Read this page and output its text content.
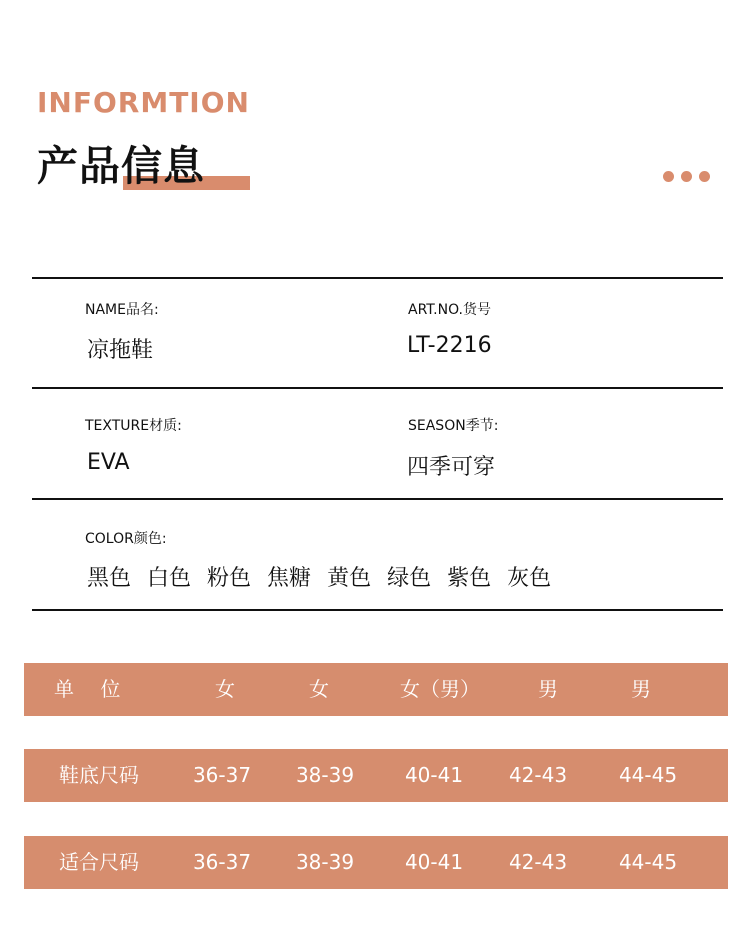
INFORMTION
产品信息
NAME品名:
凉拖鞋
ART.NO.货号
LT-2216
TEXTURE材质:
EVA
SEASON季节:
四季可穿
COLOR颜色:
黑色 白色 粉色 焦糖 黄色 绿色 紫色 灰色
单 位	女	女	女（男）	男	男
鞋底尺码	36-37 38-39	40-41 42-43	44-45
适合尺码	36-37 38-39	40-41 42-43	44-45
